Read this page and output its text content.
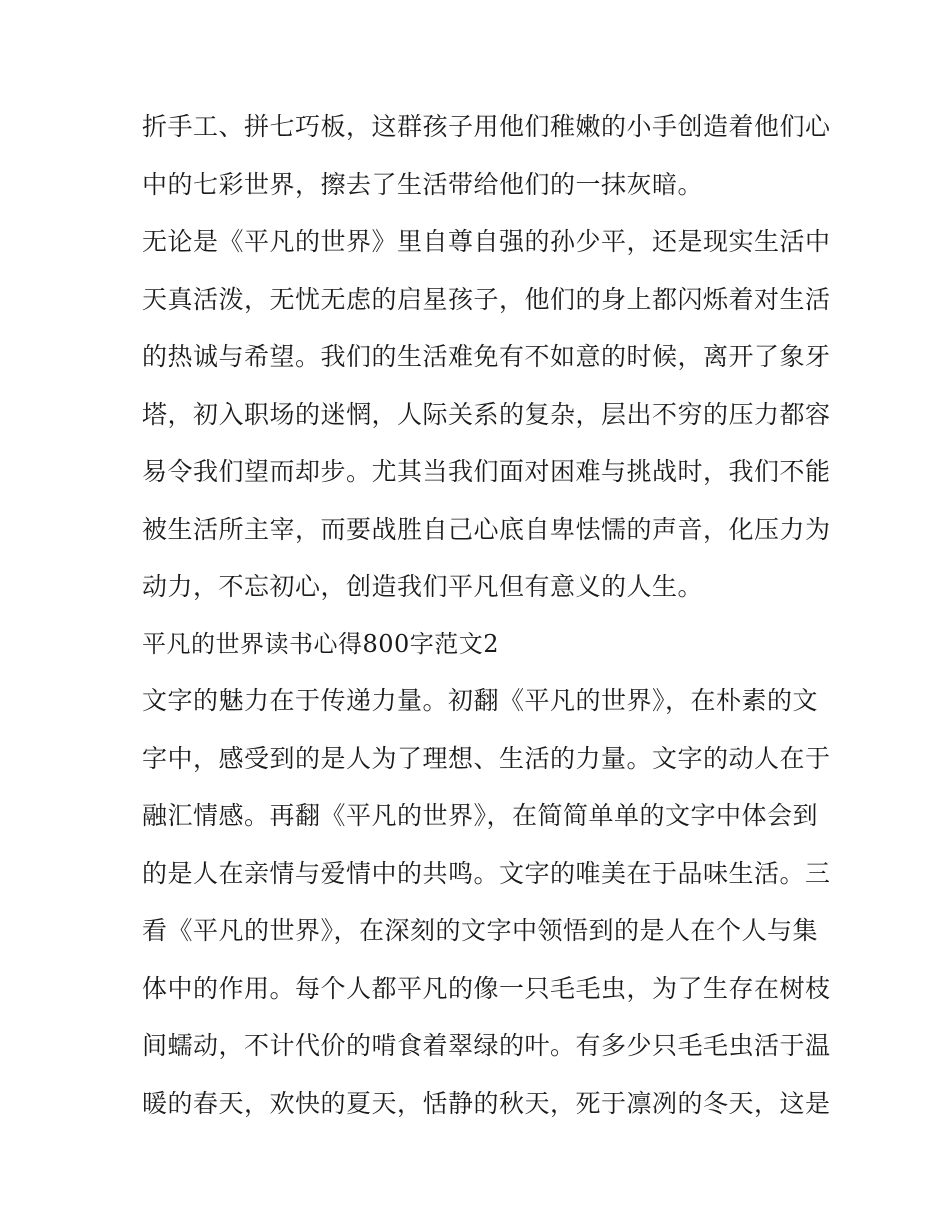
折手工、拼七巧板，这群孩子用他们稚嫩的小手创造着他们心
中的七彩世界，擦去了生活带给他们的一抹灰暗。
无论是《平凡的世界》里自尊自强的孙少平，还是现实生活中
天真活泼，无忧无虑的启星孩子，他们的身上都闪烁着对生活
的热诚与希望。我们的生活难免有不如意的时候，离开了象牙
塔，初入职场的迷惘，人际关系的复杂，层出不穷的压力都容
易令我们望而却步。尤其当我们面对困难与挑战时，我们不能
被生活所主宰，而要战胜自己心底自卑怯懦的声音，化压力为
动力，不忘初心，创造我们平凡但有意义的人生。
平凡的世界读书心得800字范文2
文字的魅力在于传递力量。初翻《平凡的世界》，在朴素的文
字中，感受到的是人为了理想、生活的力量。文字的动人在于
融汇情感。再翻《平凡的世界》，在简简单单的文字中体会到
的是人在亲情与爱情中的共鸣。文字的唯美在于品味生活。三
看《平凡的世界》，在深刻的文字中领悟到的是人在个人与集
体中的作用。每个人都平凡的像一只毛毛虫，为了生存在树枝
间蠕动，不计代价的啃食着翠绿的叶。有多少只毛毛虫活于温
暖的春天，欢快的夏天，恬静的秋天，死于凛冽的冬天，这是
